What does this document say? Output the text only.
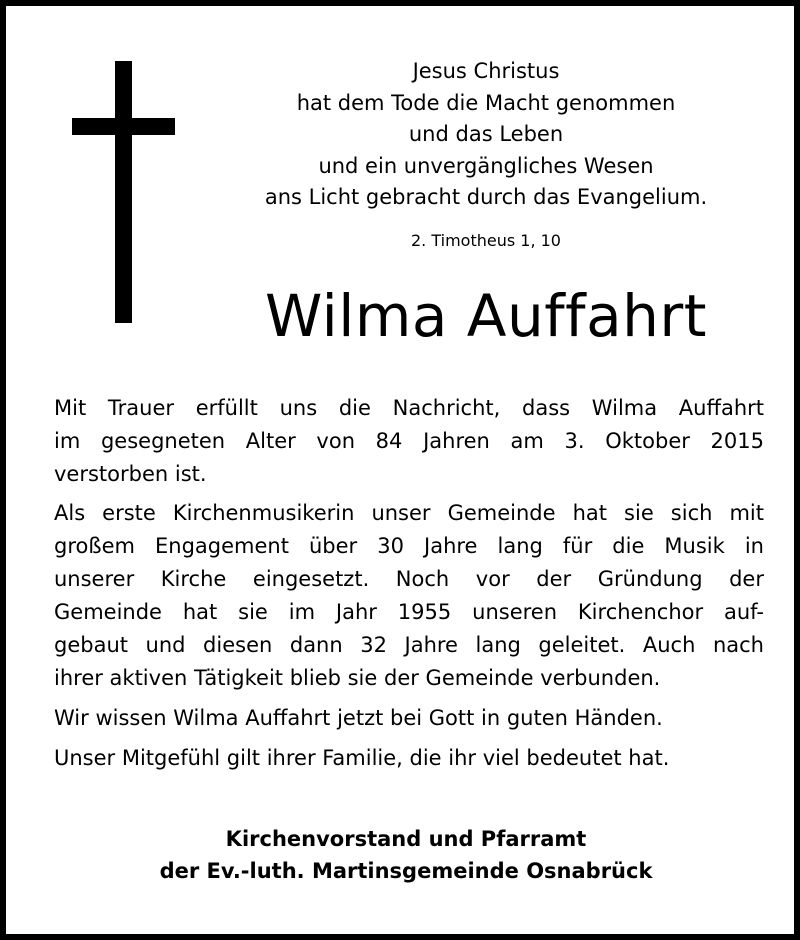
Jesus Christus
hat dem Tode die Macht genommen
und das Leben
und ein unvergängliches Wesen
ans Licht gebracht durch das Evangelium.
2. Timotheus 1, 10
Wilma Auffahrt

Mit Trauer erfüllt uns die Nachricht, dass Wilma Auffahrt
im gesegneten Alter von 84 Jahren am 3. Oktober 2015
verstorben ist.

Als erste Kirchenmusikerin unser Gemeinde hat sie sich mit
großem Engagement über 30 Jahre lang für die Musik in
unserer Kirche eingesetzt. Noch vor der Gründung der
Gemeinde hat sie im Jahr 1955 unseren Kirchenchor auf-
gebaut und diesen dann 32 Jahre lang geleitet. Auch nach
ihrer aktiven Tätigkeit blieb sie der Gemeinde verbunden.

Wir wissen Wilma Auffahrt jetzt bei Gott in guten Händen.

Unser Mitgefühl gilt ihrer Familie, die ihr viel bedeutet hat.

Kirchenvorstand und Pfarramt
der Ev.-luth. Martinsgemeinde Osnabrück
